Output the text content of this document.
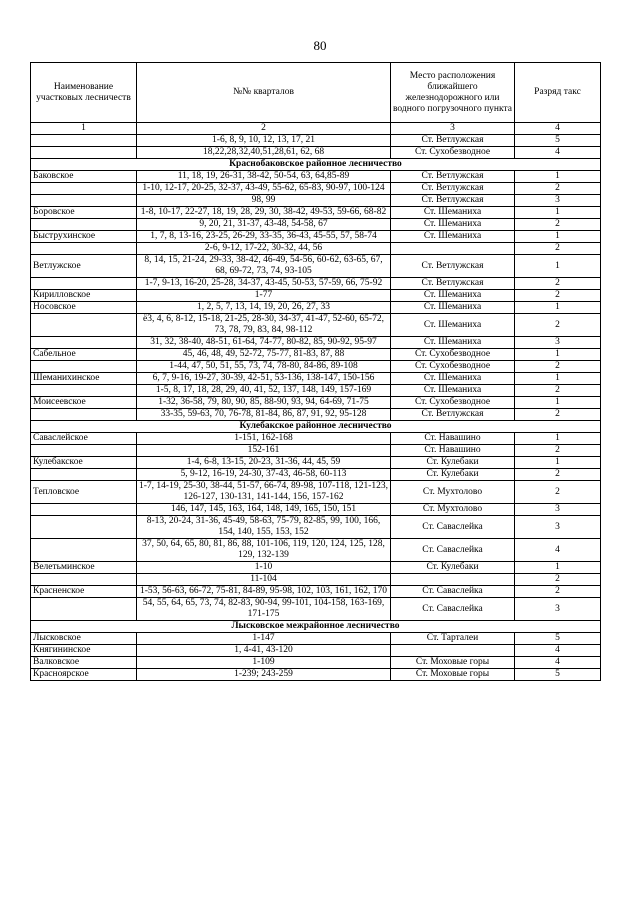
80
Наименование участковых лесничеств	№№ кварталов	Место расположения ближайшего железнодорожного или водного погрузочного пункта	Разряд такс
1	2	3	4
	1-6, 8, 9, 10, 12, 13, 17, 21	Ст. Ветлужская	5
	18,22,28,32,40,51,28,61, 62, 68	Ст. Сухобезводное	4
Краснобаковское районное лесничество			
Баковское	11, 18, 19, 26-31, 38-42, 50-54, 63, 64,85-89	Ст. Ветлужская	1
	1-10, 12-17, 20-25, 32-37, 43-49, 55-62, 65-83, 90-97, 100-124	Ст. Ветлужская	2
	98, 99	Ст. Ветлужская	3
Боровское	1-8, 10-17, 22-27, 18, 19, 28, 29, 30, 38-42, 49-53, 59-66, 68-82	Ст. Шеманиха	1
	9, 20, 21, 31-37, 43-48, 54-58, 67	Ст. Шеманиха	2
Быструхинское	1, 7, 8, 13-16, 23-25, 26-29, 33-35, 36-43, 45-55, 57, 58-74	Ст. Шеманиха	1
	2-6, 9-12, 17-22, 30-32, 44, 56		2
Ветлужское	8, 14, 15, 21-24, 29-33, 38-42, 46-49, 54-56, 60-62, 63-65, 67, 68, 69-72, 73, 74, 93-105	Ст. Ветлужская	1
	1-7, 9-13, 16-20, 25-28, 34-37, 43-45, 50-53, 57-59, 66, 75-92	Ст. Ветлужская	2
Кирилловское	1-77	Ст. Шеманиха	2
Носовское	1, 2, 5, 7, 13, 14, 19, 20, 26, 27, 33	Ст. Шеманиха	1
	ё3, 4, 6, 8-12, 15-18, 21-25, 28-30, 34-37, 41-47, 52-60, 65-72, 73, 78, 79, 83, 84, 98-112	Ст. Шеманиха	2
	31, 32, 38-40, 48-51, 61-64, 74-77, 80-82, 85, 90-92, 95-97	Ст. Шеманиха	3
Сабельное	45, 46, 48, 49, 52-72, 75-77, 81-83, 87, 88	Ст. Сухобезводное	1
	1-44, 47, 50, 51, 55, 73, 74, 78-80, 84-86, 89-108	Ст. Сухобезводное	2
Шеманихинское	6, 7, 9-16, 19-27, 30-39, 42-51, 53-136, 138-147, 150-156	Ст. Шеманиха	1
	1-5, 8, 17, 18, 28, 29, 40, 41, 52, 137, 148, 149, 157-169	Ст. Шеманиха	2
Моисеевское	1-32, 36-58, 79, 80, 90, 85, 88-90, 93, 94, 64-69, 71-75	Ст. Сухобезводное	1
	33-35, 59-63, 70, 76-78, 81-84, 86, 87, 91, 92, 95-128	Ст. Ветлужская	2
Кулебакское районное лесничество			
Саваслейское	1-151, 162-168	Ст. Навашино	1
	152-161	Ст. Навашино	2
Кулебакское	1-4, 6-8, 13-15, 20-23, 31-36, 44, 45, 59	Ст. Кулебаки	1
	5, 9-12, 16-19, 24-30, 37-43, 46-58, 60-113	Ст. Кулебаки	2
Тепловское	1-7, 14-19, 25-30, 38-44, 51-57, 66-74, 89-98, 107-118, 121-123, 126-127, 130-131, 141-144, 156, 157-162	Ст. Мухтолово	2
	146, 147, 145, 163, 164, 148, 149, 165, 150, 151	Ст. Мухтолово	3
	8-13, 20-24, 31-36, 45-49, 58-63, 75-79, 82-85, 99, 100, 166, 154, 140, 155, 153, 152	Ст. Саваслейка	3
	37, 50, 64, 65, 80, 81, 86, 88, 101-106, 119, 120, 124, 125, 128, 129, 132-139	Ст. Саваслейка	4
Велетьминское	1-10	Ст. Кулебаки	1
	11-104		2
Красненское	1-53, 56-63, 66-72, 75-81, 84-89, 95-98, 102, 103, 161, 162, 170	Ст. Саваслейка	2
	54, 55, 64, 65, 73, 74, 82-83, 90-94, 99-101, 104-158, 163-169, 171-175	Ст. Саваслейка	3
Лысковское межрайонное лесничество			
Лысковское	1-147	Ст. Тарталеи	5
Княгининское	1, 4-41, 43-120		4
Валковское	1-109	Ст. Моховые горы	4
Красноярское	1-239; 243-259	Ст. Моховые горы	5
